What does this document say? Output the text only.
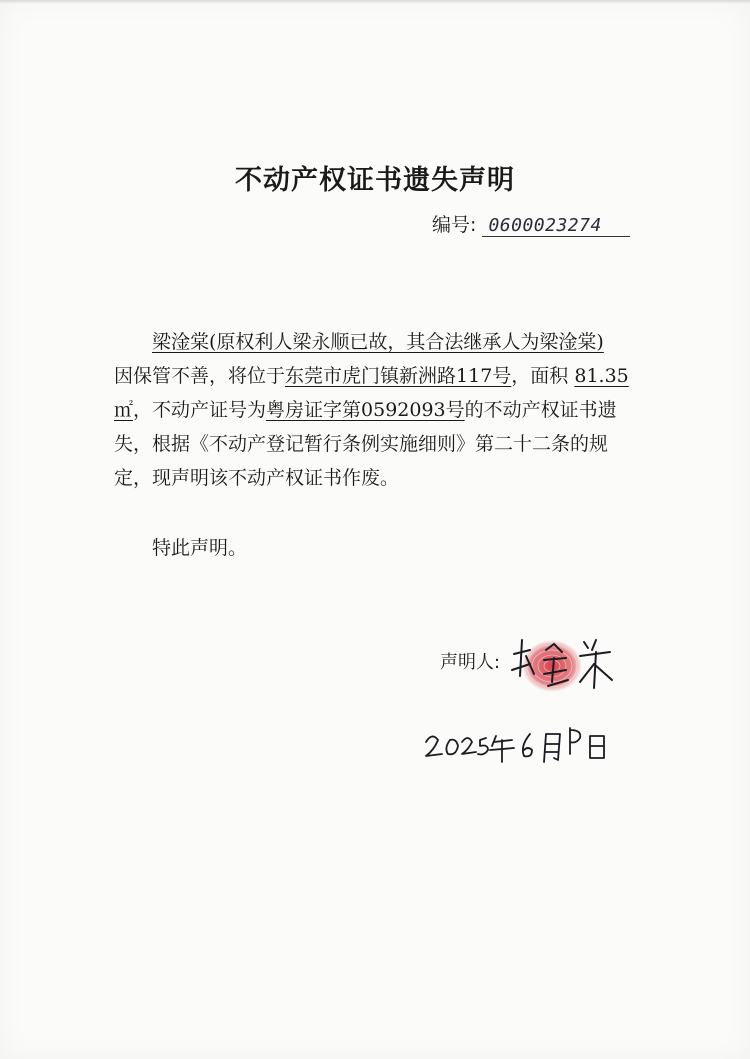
不动产权证书遗失声明
编号: 0600023274
梁淦棠(原权利人梁永顺已故，其合法继承人为梁淦棠)
因保管不善，将位于东莞市虎门镇新洲路117号，面积 81.35
㎡，不动产证号为粤房证字第0592093号的不动产权证书遗
失，根据《不动产登记暂行条例实施细则》第二十二条的规
定，现声明该不动产权证书作废。
特此声明。
声明人:
